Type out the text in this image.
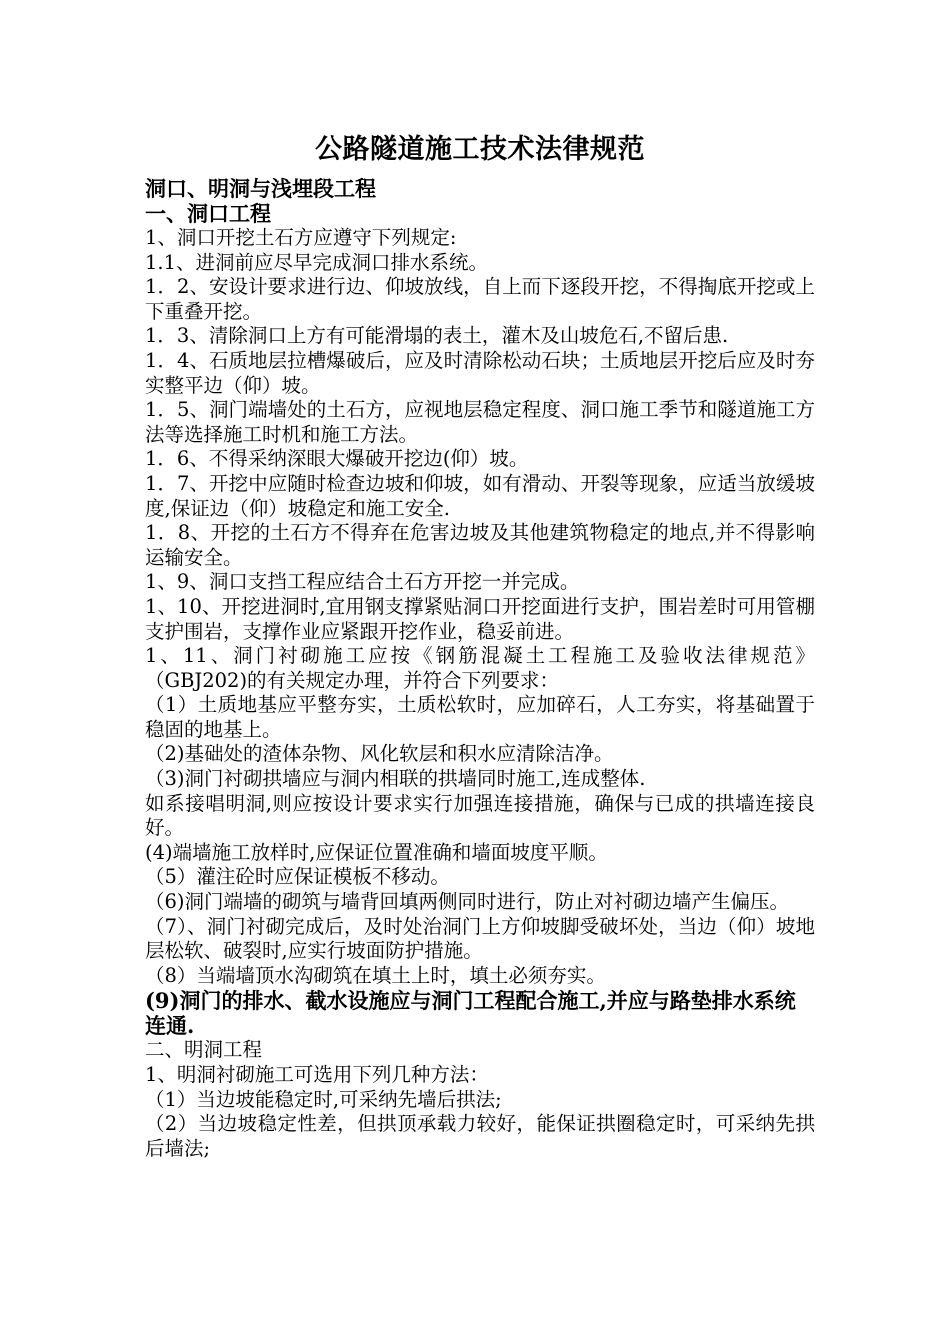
公路隧道施工技术法律规范
洞口、明洞与浅埋段工程
一、洞口工程

1、洞口开挖土石方应遵守下列规定:

1.1、进洞前应尽早完成洞口排水系统。

1．2、安设计要求进行边、仰坡放线，自上而下逐段开挖，不得掏底开挖或上下重叠开挖。

1．3、清除洞口上方有可能滑塌的表土，灌木及山坡危石,不留后患.

1．4、石质地层拉槽爆破后，应及时清除松动石块；土质地层开挖后应及时夯实整平边（仰）坡。

1．5、洞门端墙处的土石方，应视地层稳定程度、洞口施工季节和隧道施工方法等选择施工时机和施工方法。

1．6、不得采纳深眼大爆破开挖边(仰）坡。

1．7、开挖中应随时检查边坡和仰坡，如有滑动、开裂等现象，应适当放缓坡度,保证边（仰）坡稳定和施工安全.

1．8、开挖的土石方不得弃在危害边坡及其他建筑物稳定的地点,并不得影响运输安全。

1、9、洞口支挡工程应结合土石方开挖一并完成。

1、10、开挖进洞时,宜用钢支撑紧贴洞口开挖面进行支护，围岩差时可用管棚支护围岩，支撑作业应紧跟开挖作业，稳妥前进。

1、11、洞门衬砌施工应按《钢筋混凝土工程施工及验收法律规范》（GBJ202)的有关规定办理，并符合下列要求：

（1）土质地基应平整夯实，土质松软时，应加碎石，人工夯实，将基础置于稳固的地基上。

（2)基础处的渣体杂物、风化软层和积水应清除洁净。

（3)洞门衬砌拱墙应与洞内相联的拱墙同时施工,连成整体.

如系接唱明洞,则应按设计要求实行加强连接措施，确保与已成的拱墙连接良好。

(4)端墙施工放样时,应保证位置准确和墙面坡度平顺。

（5）灌注砼时应保证模板不移动。

（6)洞门端墙的砌筑与墙背回填两侧同时进行，防止对衬砌边墙产生偏压。

（7）、洞门衬砌完成后，及时处治洞门上方仰坡脚受破坏处，当边（仰）坡地层松软、破裂时,应实行坡面防护措施。

（8）当端墙顶水沟砌筑在填土上时，填土必须夯实。

(9)洞门的排水、截水设施应与洞门工程配合施工,并应与路垫排水系统连通.

二、明洞工程

1、明洞衬砌施工可选用下列几种方法：

（1）当边坡能稳定时,可采纳先墙后拱法;

（2）当边坡稳定性差，但拱顶承载力较好，能保证拱圈稳定时，可采纳先拱后墙法;
